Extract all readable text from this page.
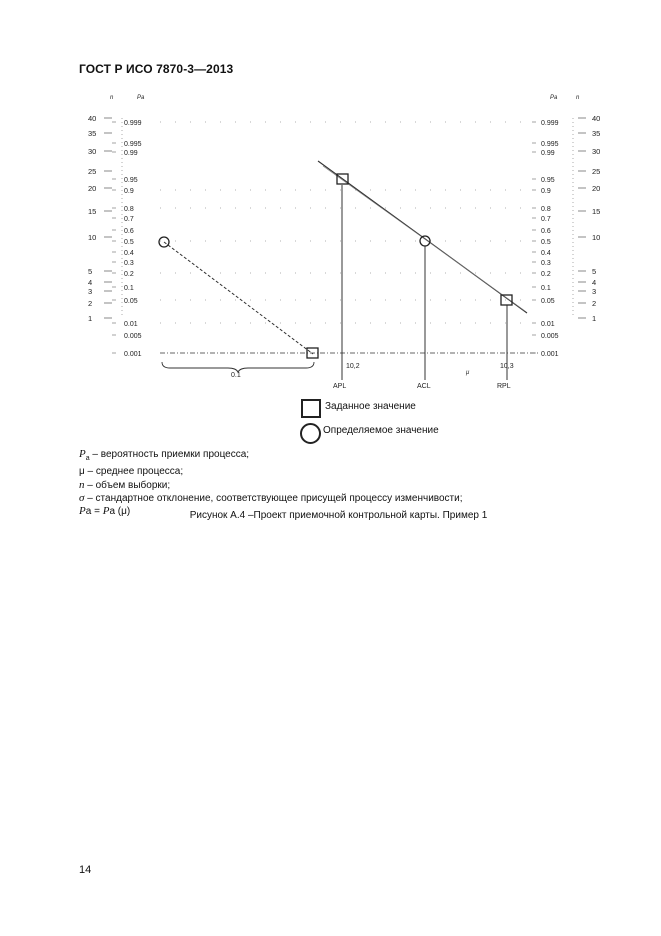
ГОСТ Р ИСО 7870-3—2013
40
35
30
25
20
15
10
5
4
3
2
1
40
35
30
25
20
15
10
5
4
3
2
1
0.999
0.995
0.99
0.95
0.9
0.8
0.7
0.6
0.5
0.4
0.3
0.2
0.1
0.05
0.01
0.005
0.001
0.999
0.995
0.99
0.95
0.9
0.8
0.7
0.6
0.5
0.4
0.3
0.2
0.1
0.05
0.01
0.005
0.001
n	Pa	Pa	n
0.1
10,2	10,3
μ
APL	ACL	RPL
Заданное значение
Определяемое значение
$P_a$ – вероятность приемки процесса;
μ – среднее процесса;
n – объем выборки;
σ – стандартное отклонение, соответствующее присущей процессу изменчивости;
Pa = Pa (μ)	Рисунок А.4 –Проект приемочной контрольной карты. Пример 1
14
